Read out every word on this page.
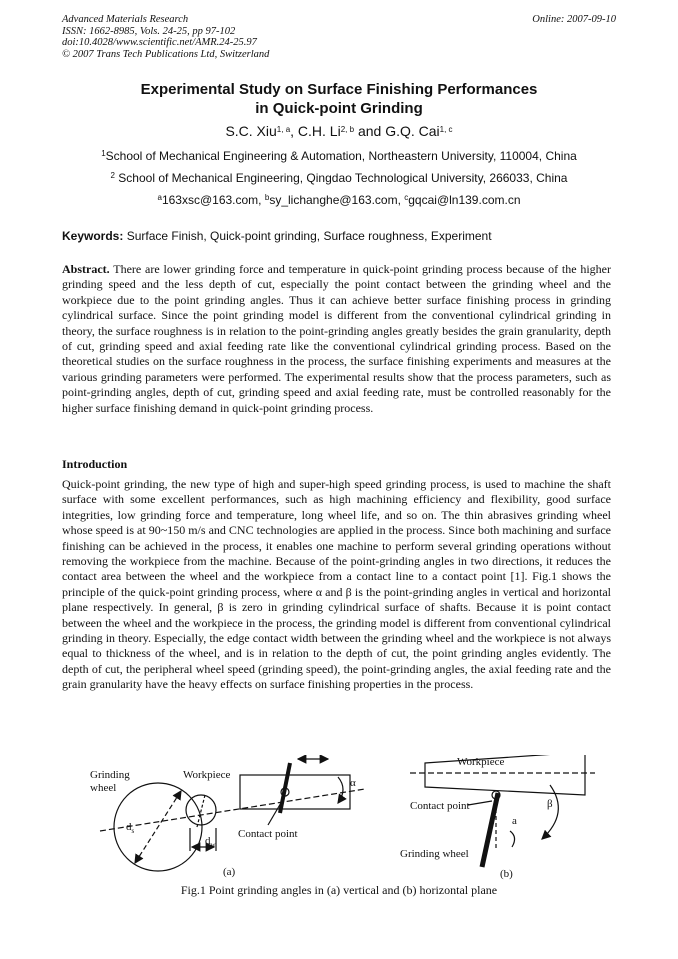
Advanced Materials Research
ISSN: 1662-8985, Vols. 24-25, pp 97-102
doi:10.4028/www.scientific.net/AMR.24-25.97
© 2007 Trans Tech Publications Ltd, Switzerland
Online: 2007-09-10
Experimental Study on Surface Finishing Performances
in Quick-point Grinding
S.C. Xiu$^{1, a}$, C.H. Li$^{2, b}$ and G.Q. Cai$^{1, c}$
$^1$School of Mechanical Engineering & Automation, Northeastern University, 110004, China
$^2$ School of Mechanical Engineering, Qingdao Technological University, 266033, China
$^a$163xsc@163.com, $^b$sy_lichanghe@163.com, $^c$gqcai@ln139.com.cn
Keywords: Surface Finish, Quick-point grinding, Surface roughness, Experiment

Abstract. There are lower grinding force and temperature in quick-point grinding process because of the higher grinding speed and the less depth of cut, especially the point contact between the grinding wheel and the workpiece due to the point grinding angles. Thus it can achieve better surface finishing process in grinding cylindrical surface. Since the point grinding model is different from the conventional cylindrical grinding in theory, the surface roughness is in relation to the point-grinding angles greatly besides the grain granularity, depth of cut, grinding speed and axial feeding rate like the conventional cylindrical grinding process. Based on the theoretical studies on the surface roughness in the process, the surface finishing experiments and measures at the various grinding parameters were performed. The experimental results show that the process parameters, such as point-grinding angles, depth of cut, grinding speed and axial feeding rate, must be controlled reasonably for the higher surface finishing demand in quick-point grinding process.

Introduction

Quick-point grinding, the new type of high and super-high speed grinding process, is used to machine the shaft surface with some excellent performances, such as high machining efficiency and flexibility, good surface integrities, low grinding force and temperature, long wheel life, and so on. The thin abrasives grinding wheel whose speed is at 90~150 m/s and CNC technologies are applied in the process. Since both machining and surface finishing can be achieved in the process, it enables one machine to perform several grinding operations without removing the workpiece from the machine. Because of the point-grinding angles in two directions, it reduces the contact area between the wheel and the workpiece from a contact line to a contact point [1]. Fig.1 shows the principle of the quick-point grinding process, where α and β is the point-grinding angles in vertical and horizontal plane respectively. In general, β is zero in grinding cylindrical surface of shafts. Because it is point contact between the wheel and the workpiece in the process, the grinding model is different from conventional cylindrical grinding in theory. Especially, the edge contact width between the grinding wheel and the workpiece is not always equal to thickness of the wheel, and is in relation to the depth of cut, the point grinding angles evidently. The depth of cut, the peripheral wheel speed (grinding speed), the point-grinding angles, the axial feeding rate and the grain granularity have the heavy effects on surface finishing properties in the process.

Grinding
wheel
Workpiece
$d_s$
$d_w$
α
Contact point
(a)
Workpiece
Contact point	β
a
Grinding wheel
(b)
Fig.1 Point grinding angles in (a) vertical and (b) horizontal plane
